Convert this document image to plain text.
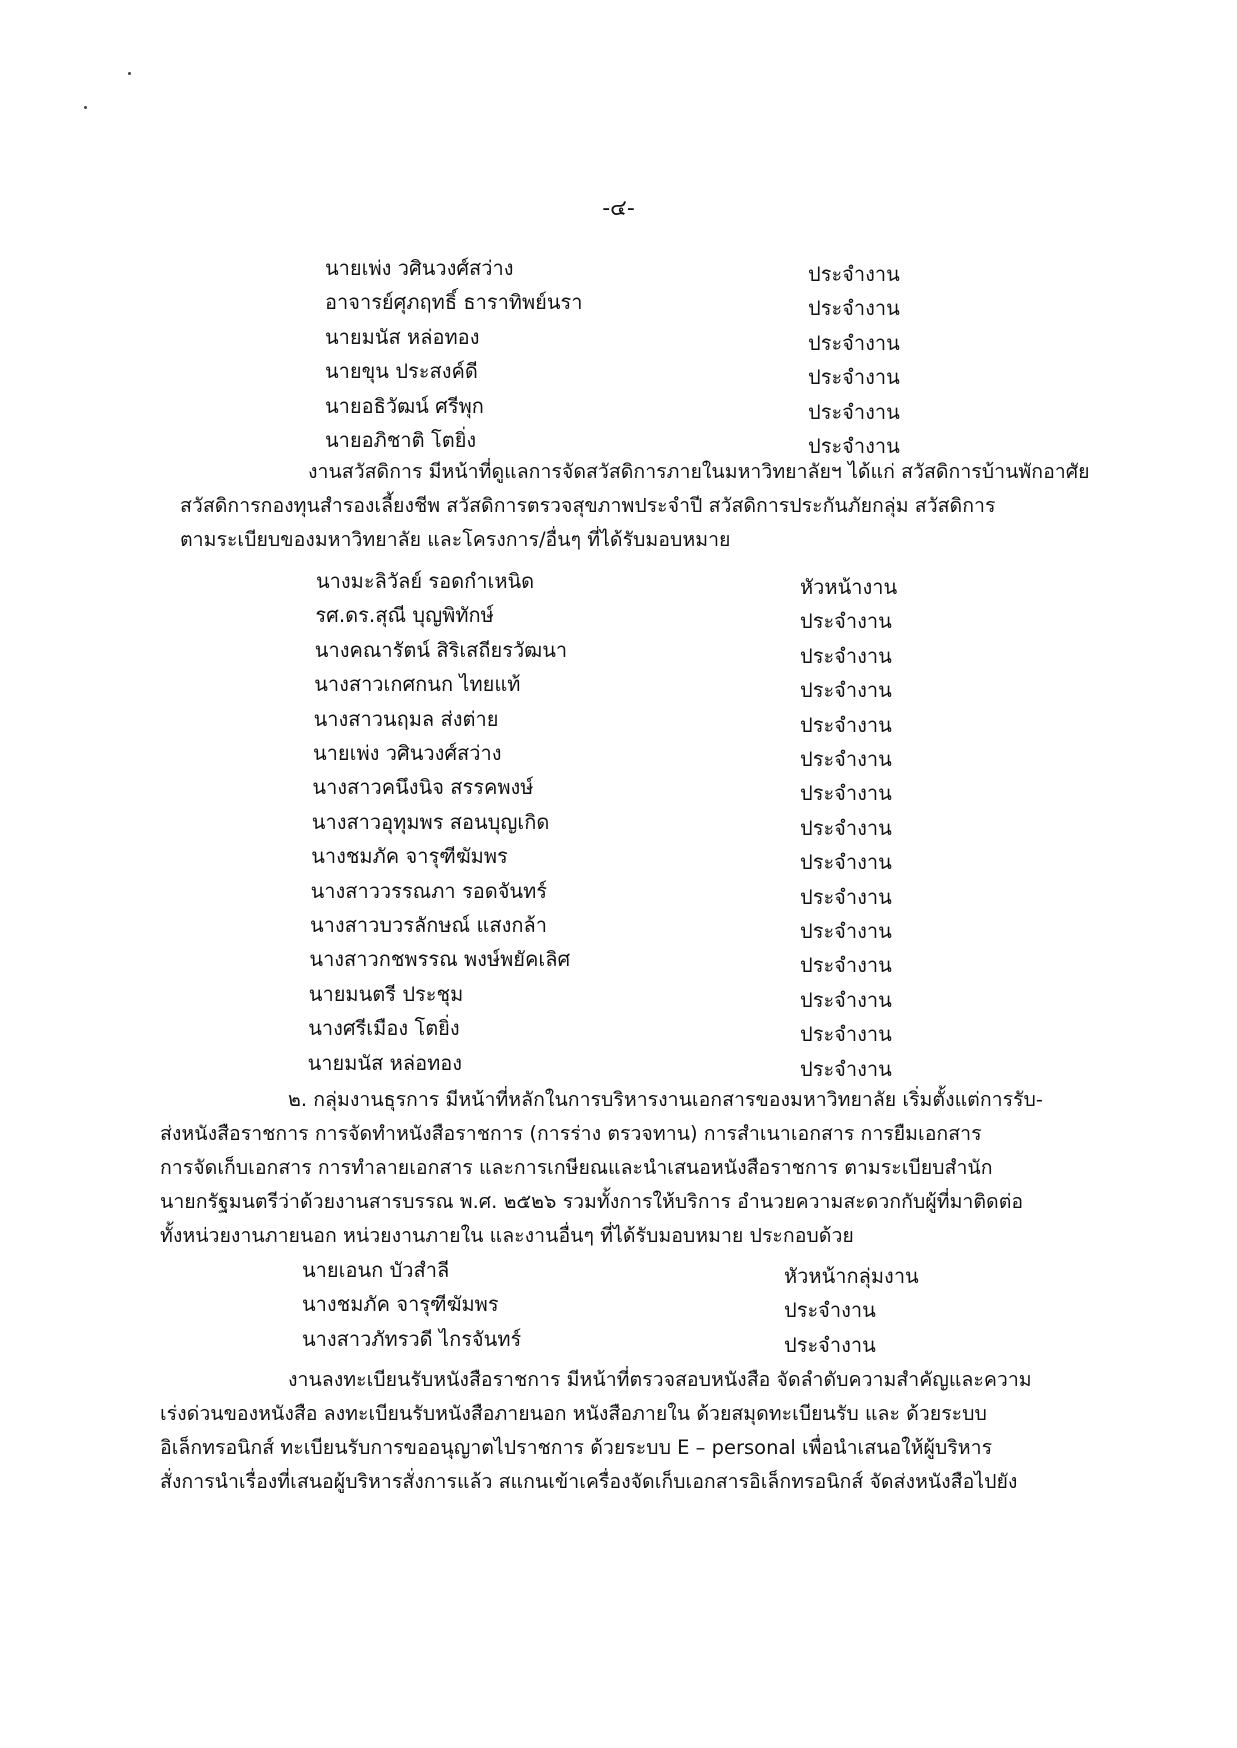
-๔-
นายเพ่ง วศินวงศ์สว่าง	ประจำงาน
อาจารย์ศุภฤทธิ์ ธาราทิพย์นรา	ประจำงาน
นายมนัส หล่อทอง	ประจำงาน
นายขุน ประสงค์ดี	ประจำงาน
นายอธิวัฒน์ ศรีพุก	ประจำงาน
นายอภิชาติ โตยิ่ง	ประจำงาน

งานสวัสดิการ มีหน้าที่ดูแลการจัดสวัสดิการภายในมหาวิทยาลัยฯ ได้แก่ สวัสดิการบ้านพักอาศัย

สวัสดิการกองทุนสำรองเลี้ยงชีพ สวัสดิการตรวจสุขภาพประจำปี สวัสดิการประกันภัยกลุ่ม สวัสดิการ

ตามระเบียบของมหาวิทยาลัย และโครงการ/อื่นๆ ที่ได้รับมอบหมาย

นางมะลิวัลย์ รอดกำเหนิด	หัวหน้างาน
รศ.ดร.สุณี บุญพิทักษ์	ประจำงาน
นางคณารัตน์ สิริเสถียรวัฒนา	ประจำงาน
นางสาวเกศกนก ไทยแท้	ประจำงาน
นางสาวนฤมล ส่งต่าย	ประจำงาน
นายเพ่ง วศินวงศ์สว่าง	ประจำงาน
นางสาวคนึงนิจ สรรคพงษ์	ประจำงาน
นางสาวอุทุมพร สอนบุญเกิด	ประจำงาน
นางชมภัค จารุฑีฆัมพร	ประจำงาน
นางสาววรรณภา รอดจันทร์	ประจำงาน
นางสาวบวรลักษณ์ แสงกล้า	ประจำงาน
นางสาวกชพรรณ พงษ์พยัคเลิศ	ประจำงาน
นายมนตรี ประชุม	ประจำงาน
นางศรีเมือง โตยิ่ง	ประจำงาน
นายมนัส หล่อทอง	ประจำงาน

๒. กลุ่มงานธุรการ มีหน้าที่หลักในการบริหารงานเอกสารของมหาวิทยาลัย เริ่มตั้งแต่การรับ-

ส่งหนังสือราชการ การจัดทำหนังสือราชการ (การร่าง ตรวจทาน) การสำเนาเอกสาร การยืมเอกสาร

การจัดเก็บเอกสาร การทำลายเอกสาร และการเกษียณและนำเสนอหนังสือราชการ ตามระเบียบสำนัก

นายกรัฐมนตรีว่าด้วยงานสารบรรณ พ.ศ. ๒๕๒๖ รวมทั้งการให้บริการ อำนวยความสะดวกกับผู้ที่มาติดต่อ

ทั้งหน่วยงานภายนอก หน่วยงานภายใน และงานอื่นๆ ที่ได้รับมอบหมาย ประกอบด้วย

นายเอนก บัวสำลี	หัวหน้ากลุ่มงาน
นางชมภัค จารุฑีฆัมพร	ประจำงาน
นางสาวภัทรวดี ไกรจันทร์	ประจำงาน

งานลงทะเบียนรับหนังสือราชการ มีหน้าที่ตรวจสอบหนังสือ จัดลำดับความสำคัญและความ

เร่งด่วนของหนังสือ ลงทะเบียนรับหนังสือภายนอก หนังสือภายใน ด้วยสมุดทะเบียนรับ และ ด้วยระบบ

อิเล็กทรอนิกส์ ทะเบียนรับการขออนุญาตไปราชการ ด้วยระบบ E – personal เพื่อนำเสนอให้ผู้บริหาร

สั่งการนำเรื่องที่เสนอผู้บริหารสั่งการแล้ว สแกนเข้าเครื่องจัดเก็บเอกสารอิเล็กทรอนิกส์ จัดส่งหนังสือไปยัง
